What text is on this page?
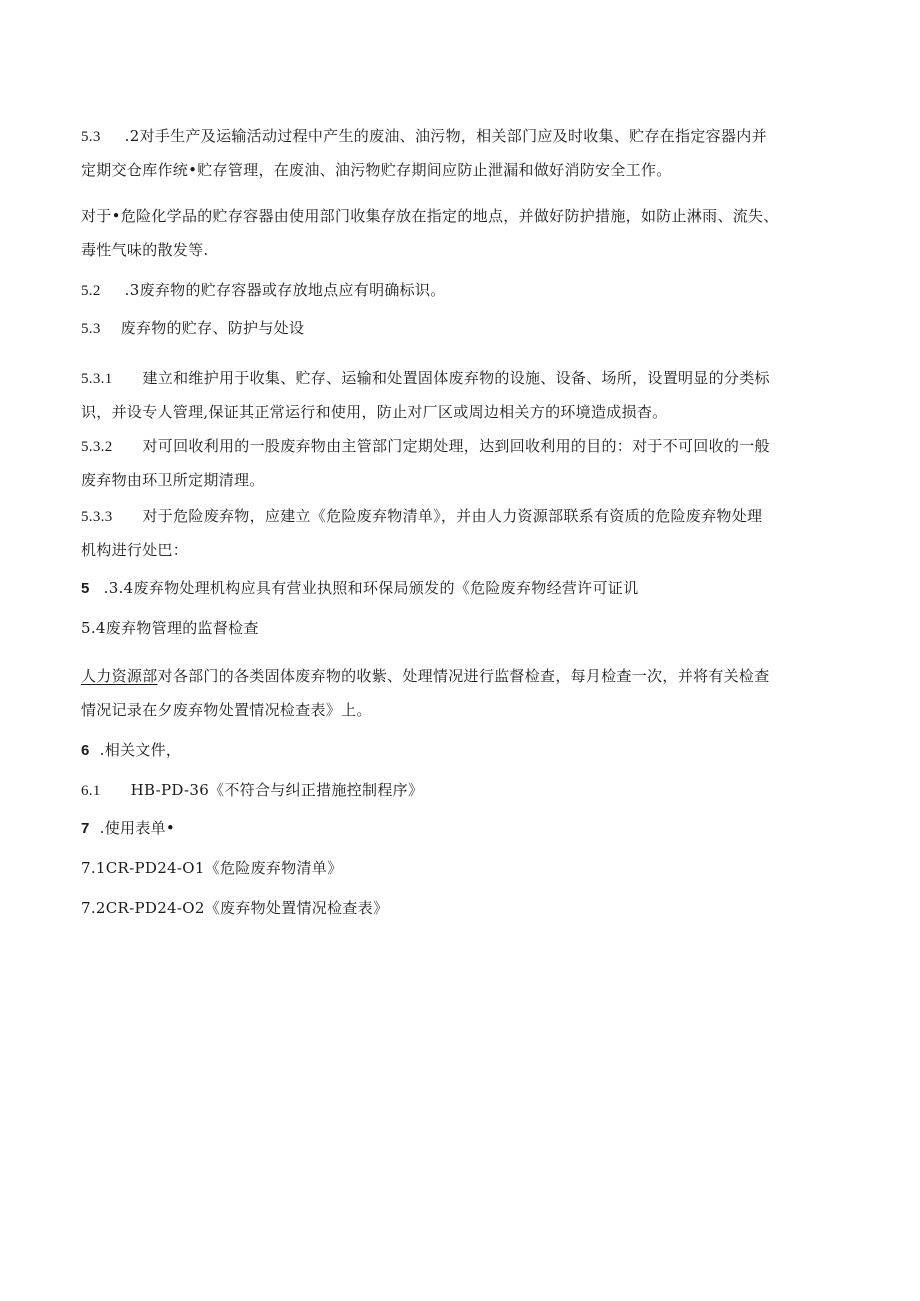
5.3 .2对手生产及运输活动过程中产生的废油、油污物，相关部门应及时收集、贮存在指定容器内并
定期交仓库作统•贮存管理，在废油、油污物贮存期间应防止泄漏和做好消防安全工作。
对于•危险化学品的贮存容器由使用部门收集存放在指定的地点，并做好防护措施，如防止淋雨、流失、
毒性气味的散发等.
5.2 .3废弃物的贮存容器或存放地点应有明确标识。
5.3 废弃物的贮存、防护与处设
5.3.1 建立和维护用于收集、贮存、运输和处置固体废弃物的设施、设备、场所，设置明显的分类标
识，并设专人管理,保证其正常运行和使用，防止对厂区或周边相关方的环境造成损杳。
5.3.2 对可回收利用的一股废弃物由主管部门定期处理，达到回收利用的目的：对于不可回收的一般
废弃物由环卫所定期清理。
5.3.3 对于危险废弃物，应建立《危险废弃物清单》，并由人力资源部联系有资质的危险废弃物处理
机构进行处巴：
5 .3.4废弃物处理机构应具有营业执照和环保局颁发的《危险废弃物经营许可证讥
5.4废弃物管理的监督检查
人力资源部对各部门的各类固体废弃物的收紫、处理情况进行监督检查，每月检查一次，并将有关检查
情况记录在夕废弃物处置情况检查表》上。
6 .相关文件，
6.1 HB-PD-36《不符合与纠正措施控制程序》
7 .使用表单•
7.1CR-PD24-O1《危险废弃物清单》
7.2CR-PD24-O2《废弃物处置情况检查表》
